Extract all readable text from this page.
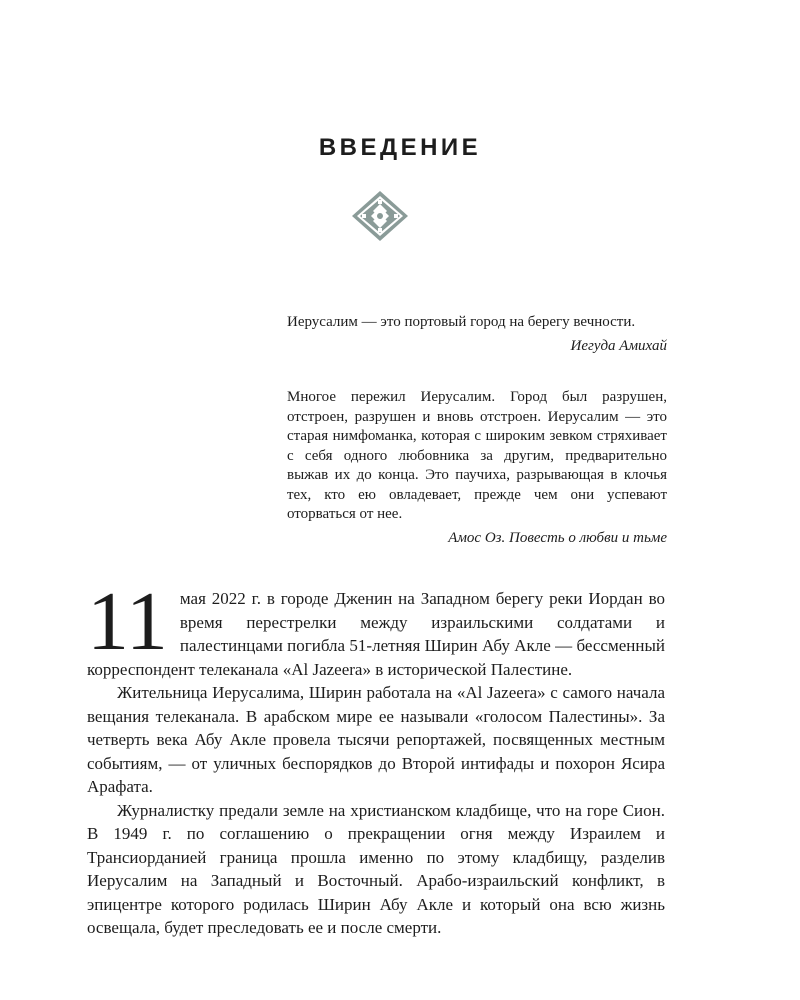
ВВЕДЕНИЕ
Иерусалим — это портовый город на берегу вечности.
Иегуда Амихай
Многое пережил Иерусалим. Город был разрушен, отстроен, разрушен и вновь отстроен. Иерусалим — это старая нимфоманка, которая с широким зевком стряхивает с себя одного любовника за другим, предварительно выжав их до конца. Это паучиха, разрывающая в клочья тех, кто ею овладевает, прежде чем они успевают оторваться от нее.
Амос Оз. Повесть о любви и тьме

11 мая 2022 г. в городе Дженин на Западном берегу реки Иордан во время перестрелки между израильскими солдатами и палестинцами погибла 51-летняя Ширин Абу Акле — бессменный корреспондент телеканала «Al Jazeera» в исторической Палестине.

Жительница Иерусалима, Ширин работала на «Al Jazeera» с самого начала вещания телеканала. В арабском мире ее называли «голосом Палестины». За четверть века Абу Акле провела тысячи репортажей, посвященных местным событиям, — от уличных беспорядков до Второй интифады и похорон Ясира Арафата.

Журналистку предали земле на христианском кладбище, что на горе Сион. В 1949 г. по соглашению о прекращении огня между Израилем и Трансиорданией граница прошла именно по этому кладбищу, разделив Иерусалим на Западный и Восточный. Арабо-израильский конфликт, в эпицентре которого родилась Ширин Абу Акле и который она всю жизнь освещала, будет преследовать ее и после смерти.
